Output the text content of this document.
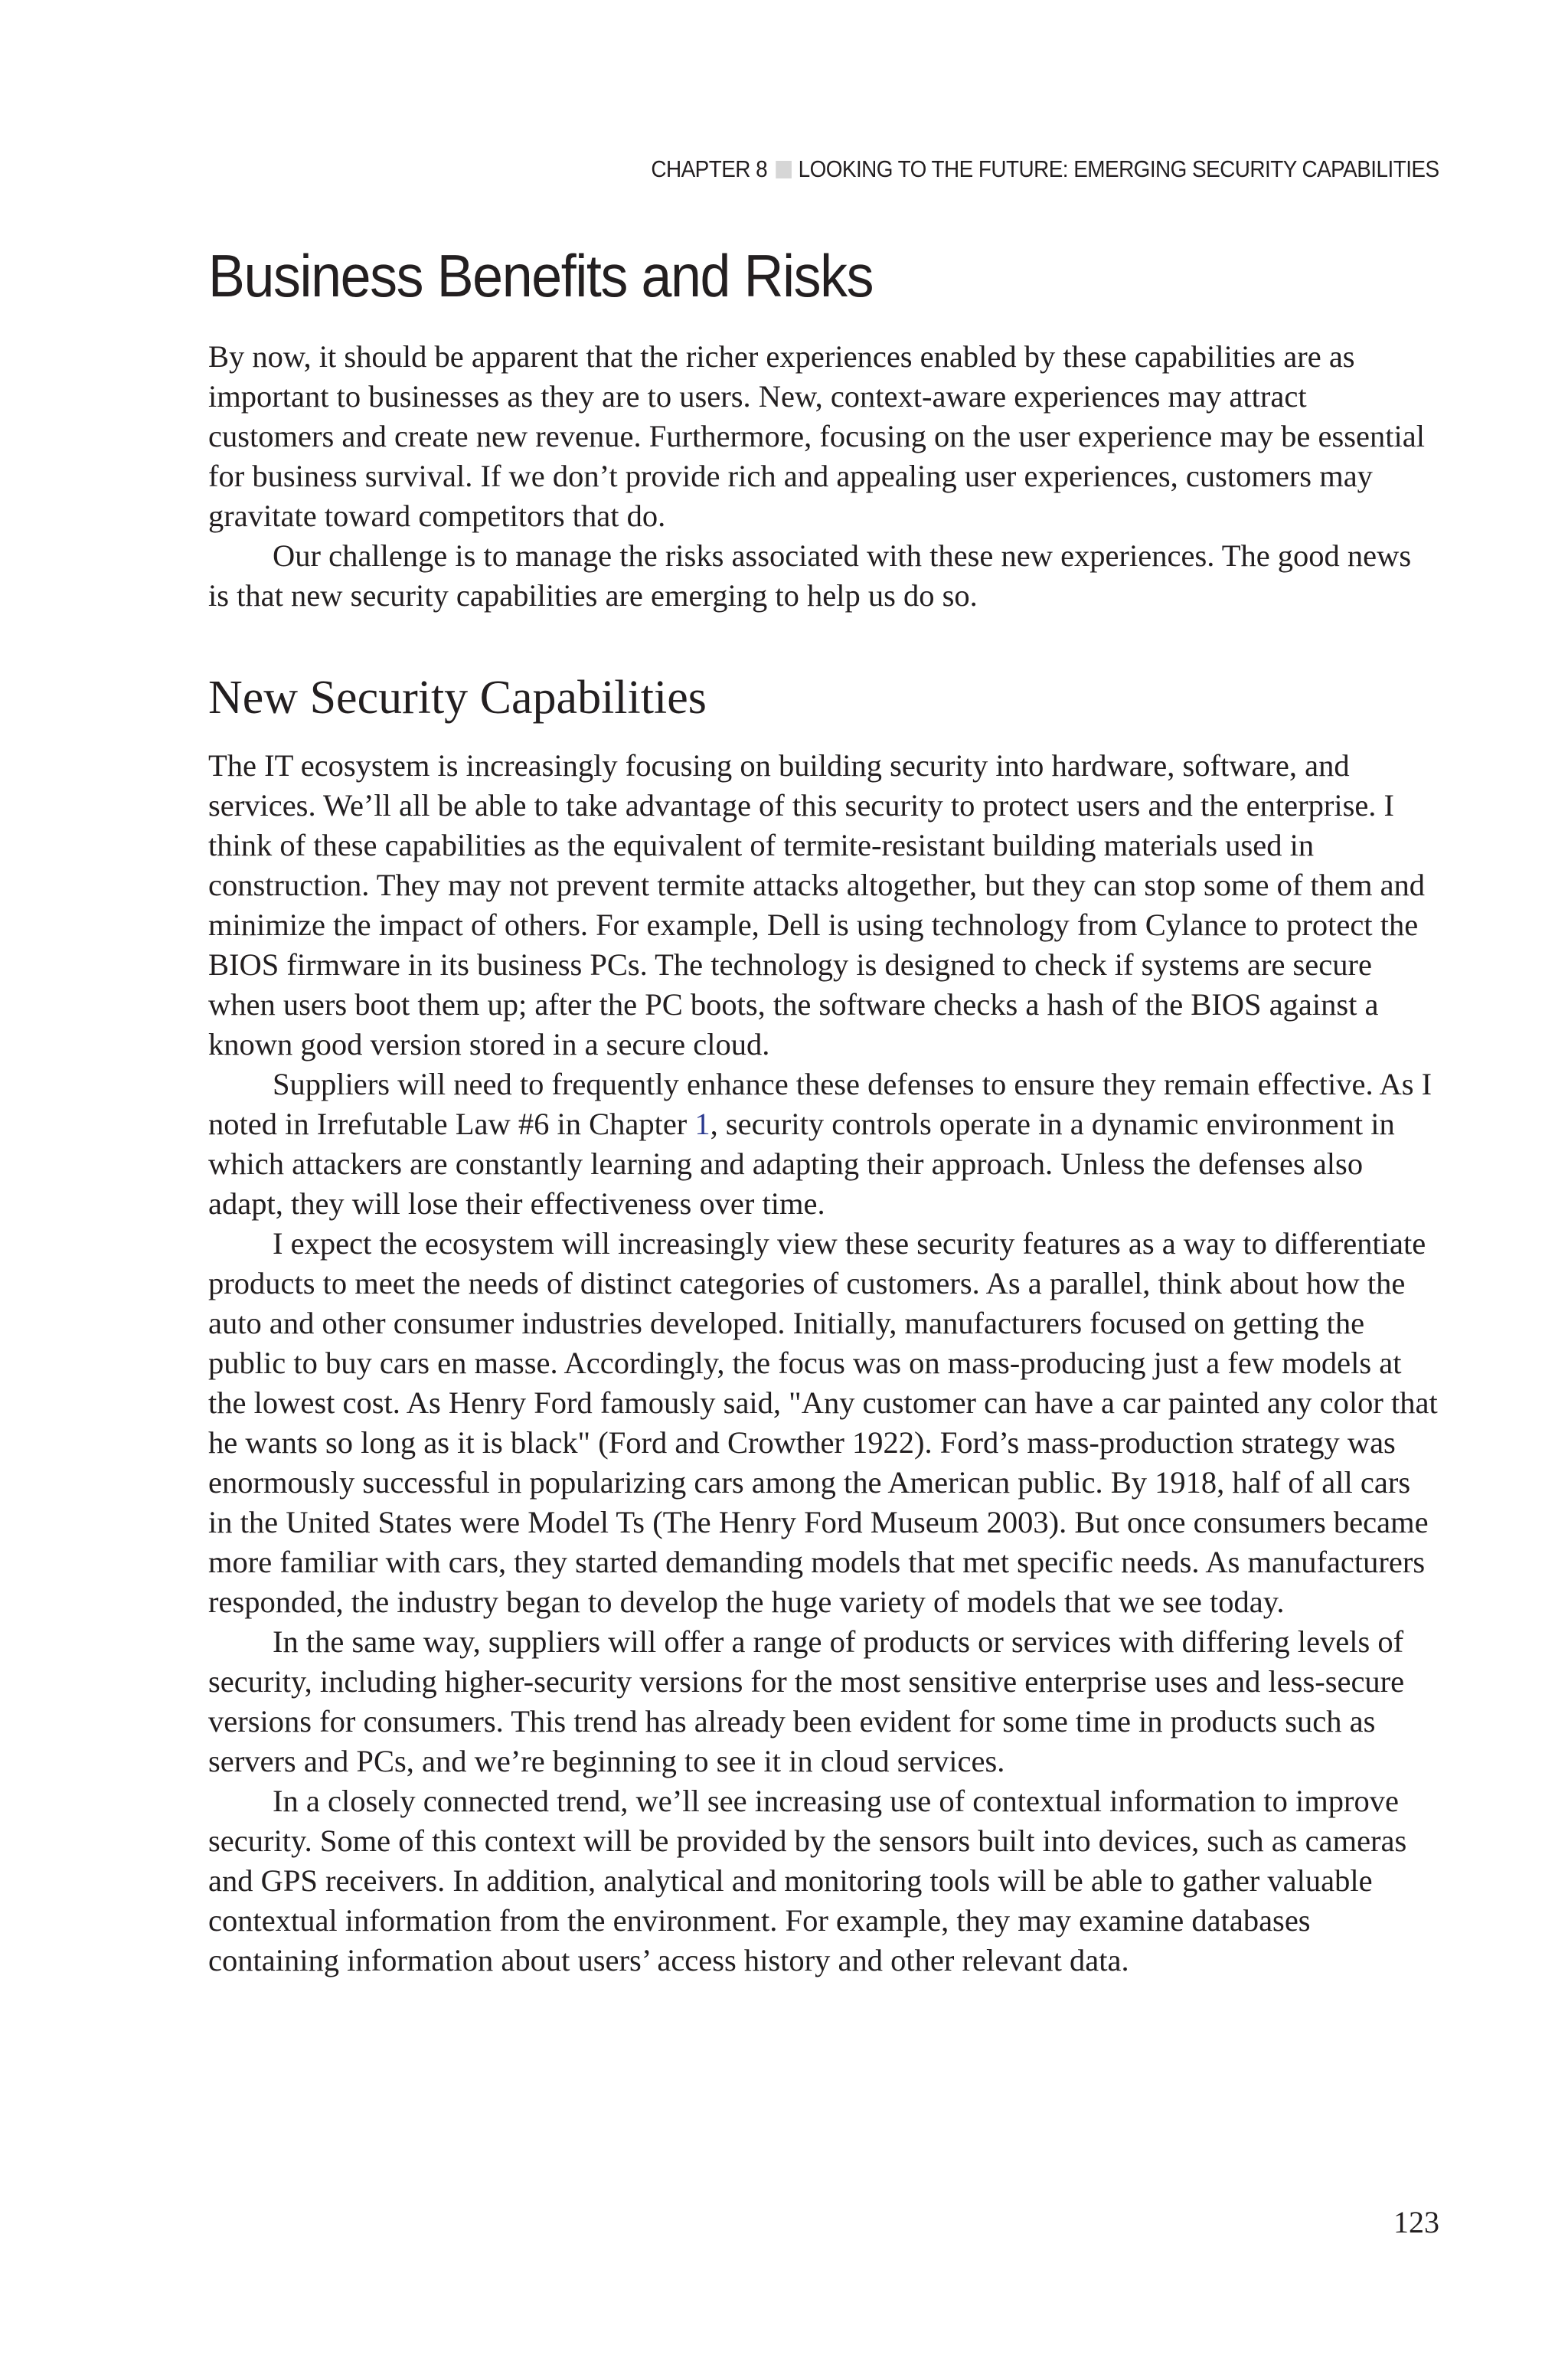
CHAPTER 8 LOOKING TO THE FUTURE: EMERGING SECURITY CAPABILITIES
Business Benefits and Risks

By now, it should be apparent that the richer experiences enabled by these capabilities are as important to businesses as they are to users. New, context-aware experiences may attract customers and create new revenue. Furthermore, focusing on the user experience may be essential for business survival. If we don’t provide rich and appealing user experiences, customers may gravitate toward competitors that do.

Our challenge is to manage the risks associated with these new experiences. The good news is that new security capabilities are emerging to help us do so.

New Security Capabilities

The IT ecosystem is increasingly focusing on building security into hardware, software, and services. We’ll all be able to take advantage of this security to protect users and the enterprise. I think of these capabilities as the equivalent of termite-resistant building materials used in construction. They may not prevent termite attacks altogether, but they can stop some of them and minimize the impact of others. For example, Dell is using technology from Cylance to protect the BIOS firmware in its business PCs. The technology is designed to check if systems are secure when users boot them up; after the PC boots, the software checks a hash of the BIOS against a known good version stored in a secure cloud.

Suppliers will need to frequently enhance these defenses to ensure they remain effective. As I noted in Irrefutable Law #6 in Chapter 1, security controls operate in a dynamic environment in which attackers are constantly learning and adapting their approach. Unless the defenses also adapt, they will lose their effectiveness over time.

I expect the ecosystem will increasingly view these security features as a way to differentiate products to meet the needs of distinct categories of customers. As a parallel, think about how the auto and other consumer industries developed. Initially, manufacturers focused on getting the public to buy cars en masse. Accordingly, the focus was on mass-producing just a few models at the lowest cost. As Henry Ford famously said, "Any customer can have a car painted any color that he wants so long as it is black" (Ford and Crowther 1922). Ford’s mass-production strategy was enormously successful in popularizing cars among the American public. By 1918, half of all cars in the United States were Model Ts (The Henry Ford Museum 2003). But once consumers became more familiar with cars, they started demanding models that met specific needs. As manufacturers responded, the industry began to develop the huge variety of models that we see today.

In the same way, suppliers will offer a range of products or services with differing levels of security, including higher-security versions for the most sensitive enterprise uses and less-secure versions for consumers. This trend has already been evident for some time in products such as servers and PCs, and we’re beginning to see it in cloud services.

In a closely connected trend, we’ll see increasing use of contextual information to improve security. Some of this context will be provided by the sensors built into devices, such as cameras and GPS receivers. In addition, analytical and monitoring tools will be able to gather valuable contextual information from the environment. For example, they may examine databases containing information about users’ access history and other relevant data.

123
